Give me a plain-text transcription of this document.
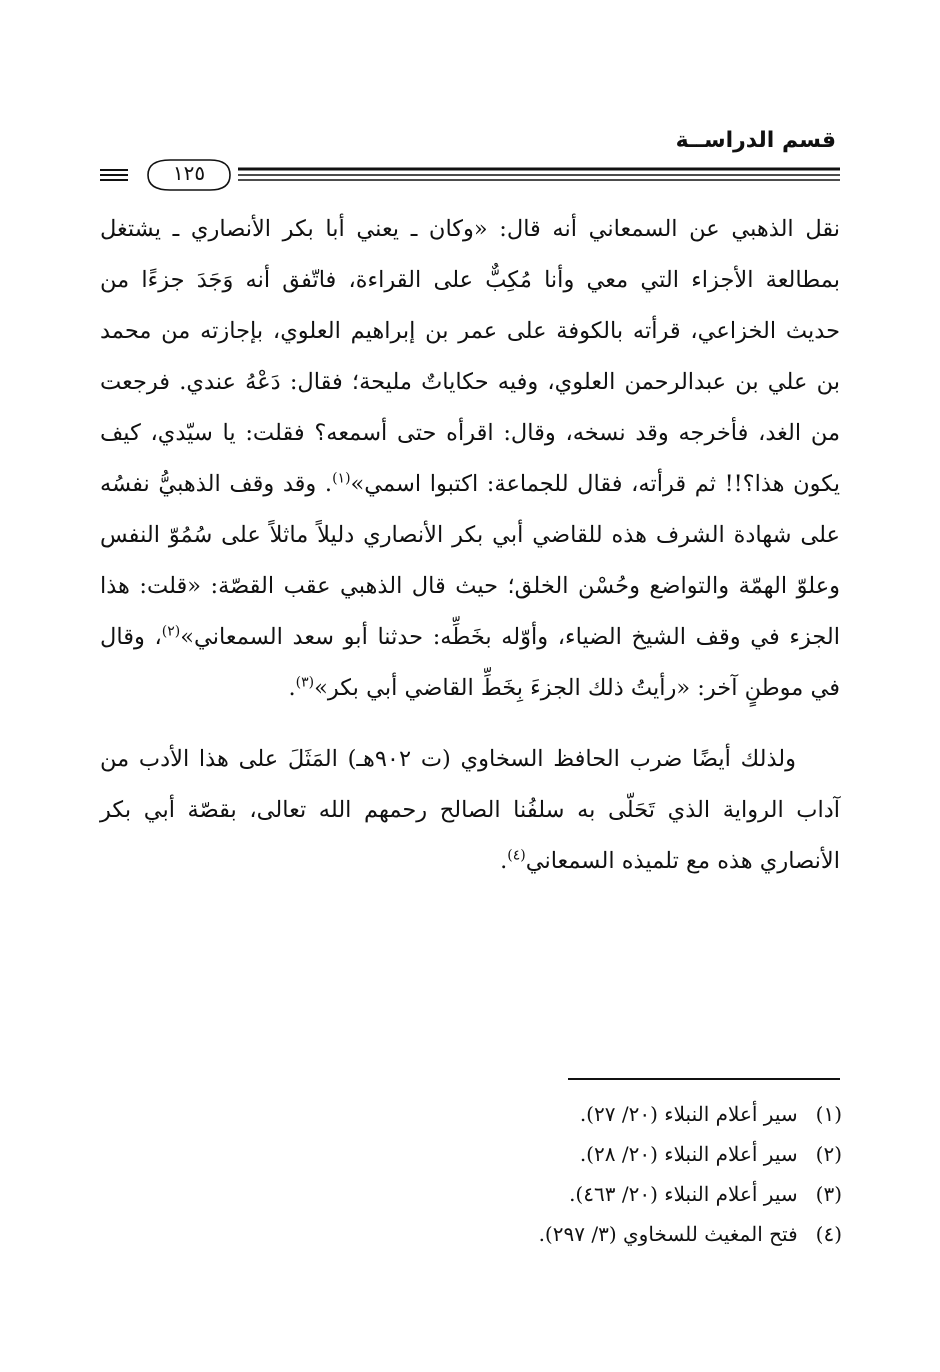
قسم الدراســة
١٢٥

نقل الذهبي عن السمعاني أنه قال: «وكان ـ يعني أبا بكر الأنصاري ـ يشتغل بمطالعة الأجزاء التي معي وأنا مُكِبٌّ على القراءة، فاتّفق أنه وَجَدَ جزءًا من حديث الخزاعي، قرأته بالكوفة على عمر بن إبراهيم العلوي، بإجازته من محمد بن علي بن عبدالرحمن العلوي، وفيه حكاياتٌ مليحة؛ فقال: دَعْهُ عندي. فرجعت من الغد، فأخرجه وقد نسخه، وقال: اقرأه حتى أسمعه؟ فقلت: يا سيّدي، كيف يكون هذا؟!! ثم قرأته، فقال للجماعة: اكتبوا اسمي»$^{(١)}$. وقد وقف الذهبيُّ نفسُه على شهادة الشرف هذه للقاضي أبي بكر الأنصاري دليلاً ماثلاً على سُمُوّ النفس وعلوّ الهمّة والتواضع وحُسْن الخلق؛ حيث قال الذهبي عقب القصّة: «قلت: هذا الجزء في وقف الشيخ الضياء، وأوّله بخَطِّه: حدثنا أبو سعد السمعاني»$^{(٢)}$، وقال في موطنٍ آخر: «رأيتُ ذلك الجزءَ بِخَطِّ القاضي أبي بكر»$^{(٣)}$.

ولذلك أيضًا ضرب الحافظ السخاوي (ت ٩٠٢هـ) المَثَلَ على هذا الأدب من آداب الرواية الذي تَحَلّى به سلفُنا الصالح رحمهم الله تعالى، بقصّة أبي بكر الأنصاري هذه مع تلميذه السمعاني$^{(٤)}$.

(١) سير أعلام النبلاء (٢٠/ ٢٧).
(٢) سير أعلام النبلاء (٢٠/ ٢٨).
(٣) سير أعلام النبلاء (٢٠/ ٤٦٣).
(٤) فتح المغيث للسخاوي (٣/ ٢٩٧).
